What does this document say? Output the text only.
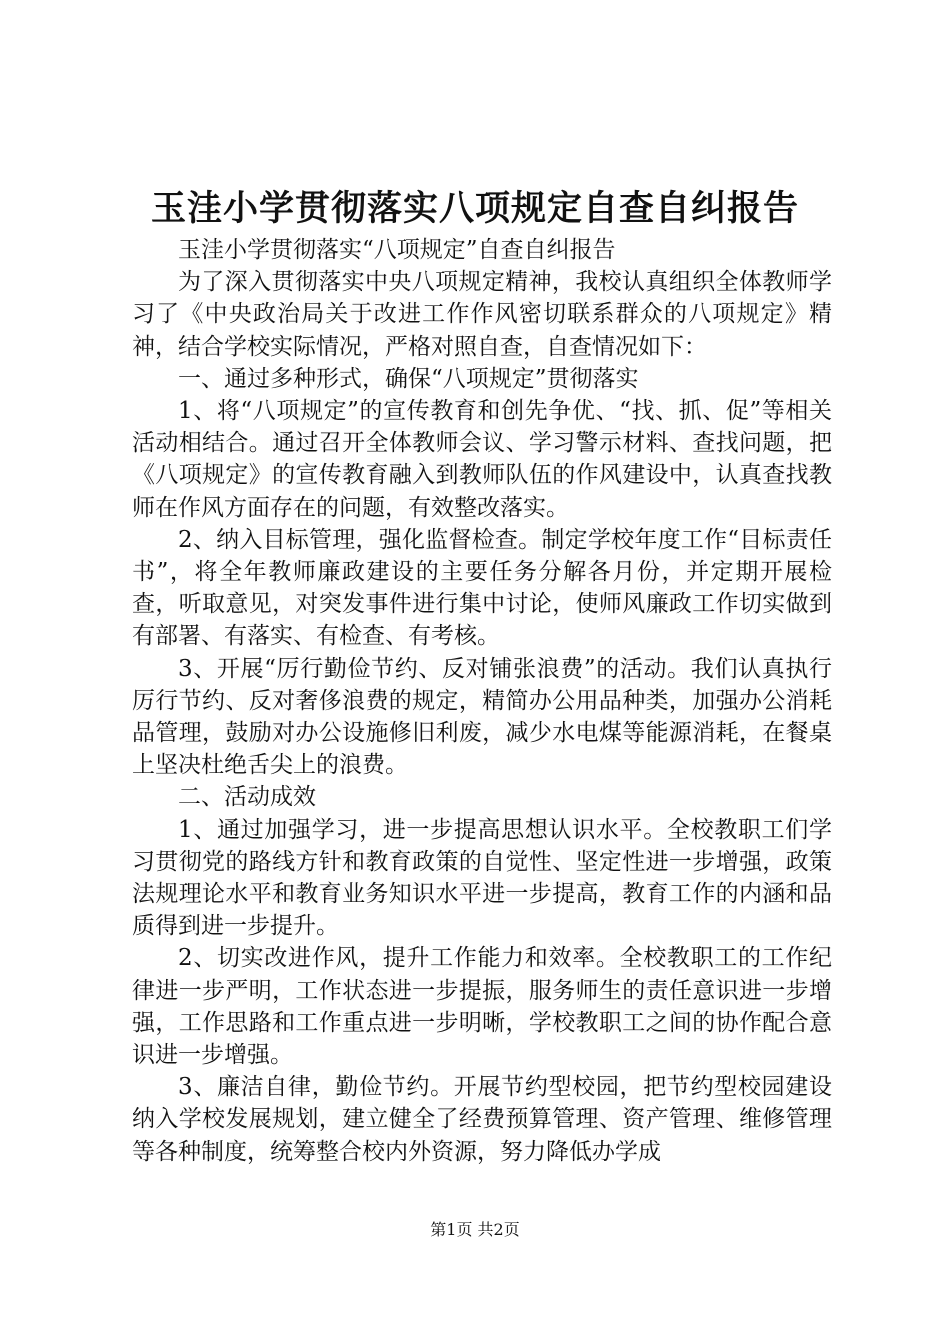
玉洼小学贯彻落实八项规定自查自纠报告

玉洼小学贯彻落实“八项规定”自查自纠报告

为了深入贯彻落实中央八项规定精神，我校认真组织全体教师学习了《中央政治局关于改进工作作风密切联系群众的八项规定》精神，结合学校实际情况，严格对照自查，自查情况如下：

一、通过多种形式，确保“八项规定”贯彻落实

1、将“八项规定”的宣传教育和创先争优、“找、抓、促”等相关活动相结合。通过召开全体教师会议、学习警示材料、查找问题，把《八项规定》的宣传教育融入到教师队伍的作风建设中，认真查找教师在作风方面存在的问题，有效整改落实。

2、纳入目标管理，强化监督检查。制定学校年度工作“目标责任书”，将全年教师廉政建设的主要任务分解各月份，并定期开展检查，听取意见，对突发事件进行集中讨论，使师风廉政工作切实做到有部署、有落实、有检查、有考核。

3、开展“厉行勤俭节约、反对铺张浪费”的活动。我们认真执行厉行节约、反对奢侈浪费的规定，精简办公用品种类，加强办公消耗品管理，鼓励对办公设施修旧利废，减少水电煤等能源消耗，在餐桌上坚决杜绝舌尖上的浪费。

二、活动成效

1、通过加强学习，进一步提高思想认识水平。全校教职工们学习贯彻党的路线方针和教育政策的自觉性、坚定性进一步增强，政策法规理论水平和教育业务知识水平进一步提高，教育工作的内涵和品质得到进一步提升。

2、切实改进作风，提升工作能力和效率。全校教职工的工作纪律进一步严明，工作状态进一步提振，服务师生的责任意识进一步增强，工作思路和工作重点进一步明晰，学校教职工之间的协作配合意识进一步增强。

3、廉洁自律，勤俭节约。开展节约型校园，把节约型校园建设纳入学校发展规划，建立健全了经费预算管理、资产管理、维修管理等各种制度，统筹整合校内外资源，努力降低办学成

第1页 共2页
